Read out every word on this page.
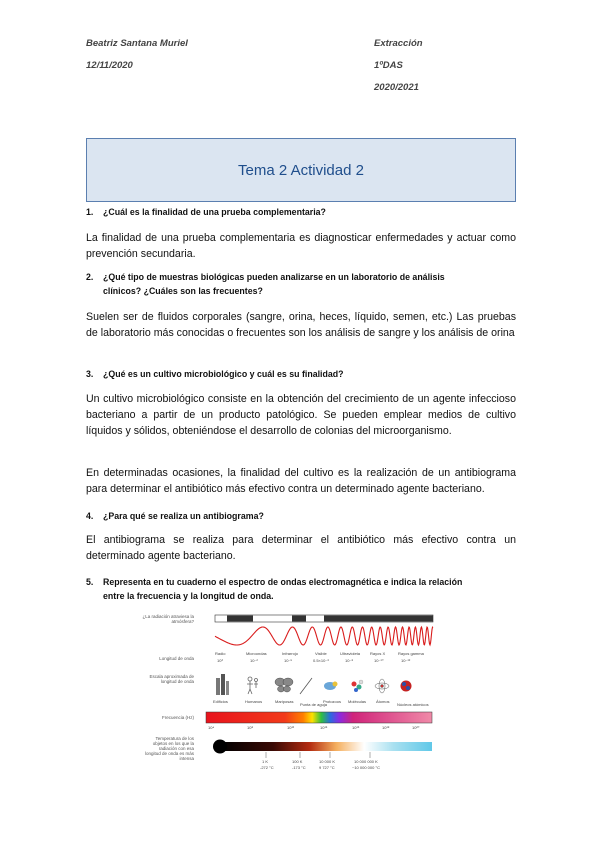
Beatriz Santana Muriel
12/11/2020
Extracción
1ºDAS
2020/2021
Tema 2 Actividad 2
1. ¿Cuál es la finalidad de una prueba complementaria?
La finalidad de una prueba complementaria es diagnosticar enfermedades y actuar como prevención secundaria.
2. ¿Qué tipo de muestras biológicas pueden analizarse en un laboratorio de análisis
clínicos? ¿Cuáles son las frecuentes?
Suelen ser de fluidos corporales (sangre, orina, heces, líquido, semen, etc.) Las pruebas de laboratorio más conocidas o frecuentes son los análisis de sangre y los análisis de orina
3. ¿Qué es un cultivo microbiológico y cuál es su finalidad?
Un cultivo microbiológico consiste en la obtención del crecimiento de un agente infeccioso bacteriano a partir de un producto patológico. Se pueden emplear medios de cultivo líquidos y sólidos, obteniéndose el desarrollo de colonias del microorganismo.
En determinadas ocasiones, la finalidad del cultivo es la realización de un antibiograma para determinar el antibiótico más efectivo contra un determinado agente bacteriano.
4. ¿Para qué se realiza un antibiograma?
El antibiograma se realiza para determinar el antibiótico más efectivo contra un determinado agente bacteriano.
5. Representa en tu cuaderno el espectro de ondas electromagnética e indica la relación
entre la frecuencia y la longitud de onda.
¿La radiación atraviesa la atmósfera?
Longitud de onda
Escala aproximada de longitud de onda
Frecuencia (Hz)
Temperatura de los objetos en los que la radiación con esa longitud de onda es más intensa
Radio	Microondas	Infrarrojo	Visible	Ultravioleta Rayos X	Rayos gamma
10³	10⁻²	10⁻⁵	0.5×10⁻⁶	10⁻⁸	10⁻¹⁰	10⁻¹²
Edificios	Humanos	Mariposas
Punta de aguja
Protozoos Moléculas Átomos
Núcleos atómicos
10⁴	10⁸	10¹²	10¹⁵	10¹⁶	10¹⁸	10²⁰
1 K	100 K	10 000 K	10 000 000 K
-272 °C	-173 °C	9 727 °C	~10 000 000 °C
